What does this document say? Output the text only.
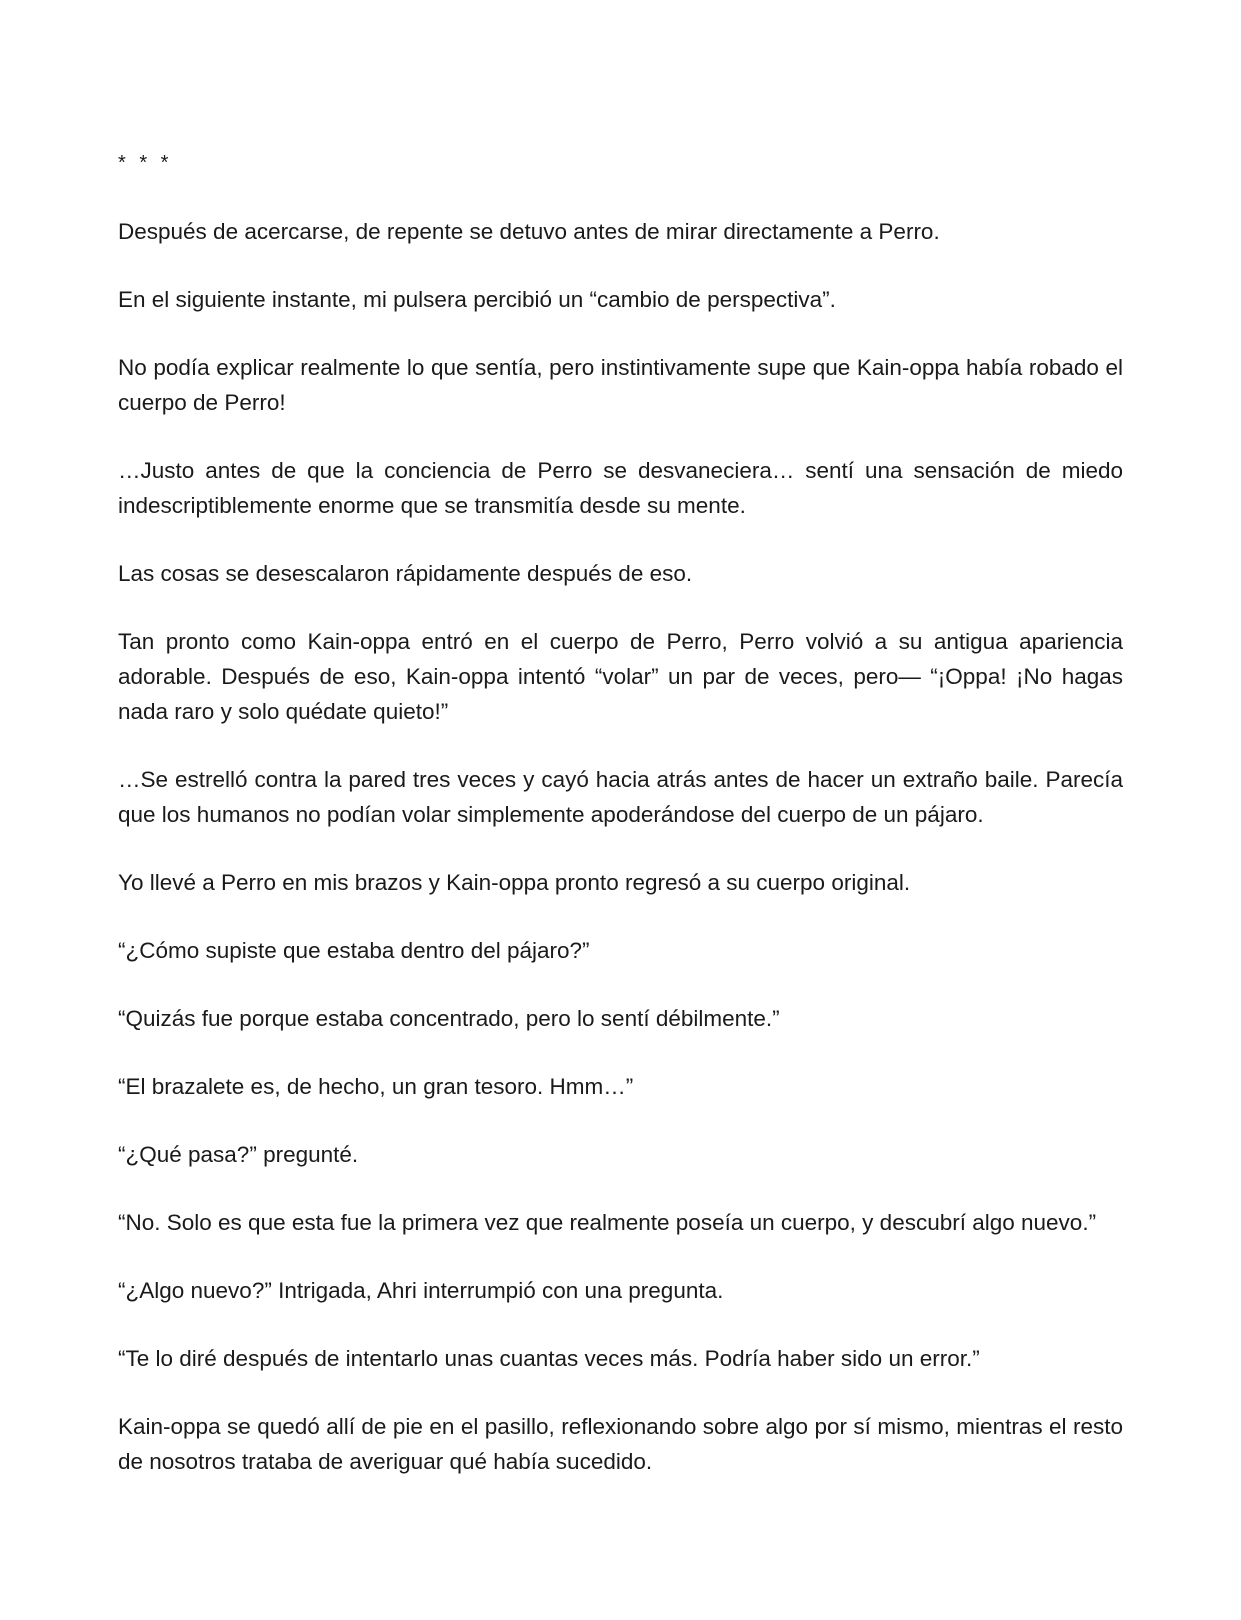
* * *

Después de acercarse, de repente se detuvo antes de mirar directamente a Perro.

En el siguiente instante, mi pulsera percibió un “cambio de perspectiva”.

No podía explicar realmente lo que sentía, pero instintivamente supe que Kain-oppa había robado el cuerpo de Perro!

…Justo antes de que la conciencia de Perro se desvaneciera… sentí una sensación de miedo indescriptiblemente enorme que se transmitía desde su mente.

Las cosas se desescalaron rápidamente después de eso.

Tan pronto como Kain-oppa entró en el cuerpo de Perro, Perro volvió a su antigua apariencia adorable. Después de eso, Kain-oppa intentó “volar” un par de veces, pero— “¡Oppa! ¡No hagas nada raro y solo quédate quieto!”

…Se estrelló contra la pared tres veces y cayó hacia atrás antes de hacer un extraño baile. Parecía que los humanos no podían volar simplemente apoderándose del cuerpo de un pájaro.

Yo llevé a Perro en mis brazos y Kain-oppa pronto regresó a su cuerpo original.

“¿Cómo supiste que estaba dentro del pájaro?”

“Quizás fue porque estaba concentrado, pero lo sentí débilmente.”

“El brazalete es, de hecho, un gran tesoro. Hmm…”

“¿Qué pasa?” pregunté.

“No. Solo es que esta fue la primera vez que realmente poseía un cuerpo, y descubrí algo nuevo.”

“¿Algo nuevo?” Intrigada, Ahri interrumpió con una pregunta.

“Te lo diré después de intentarlo unas cuantas veces más. Podría haber sido un error.”

Kain-oppa se quedó allí de pie en el pasillo, reflexionando sobre algo por sí mismo, mientras el resto de nosotros trataba de averiguar qué había sucedido.
